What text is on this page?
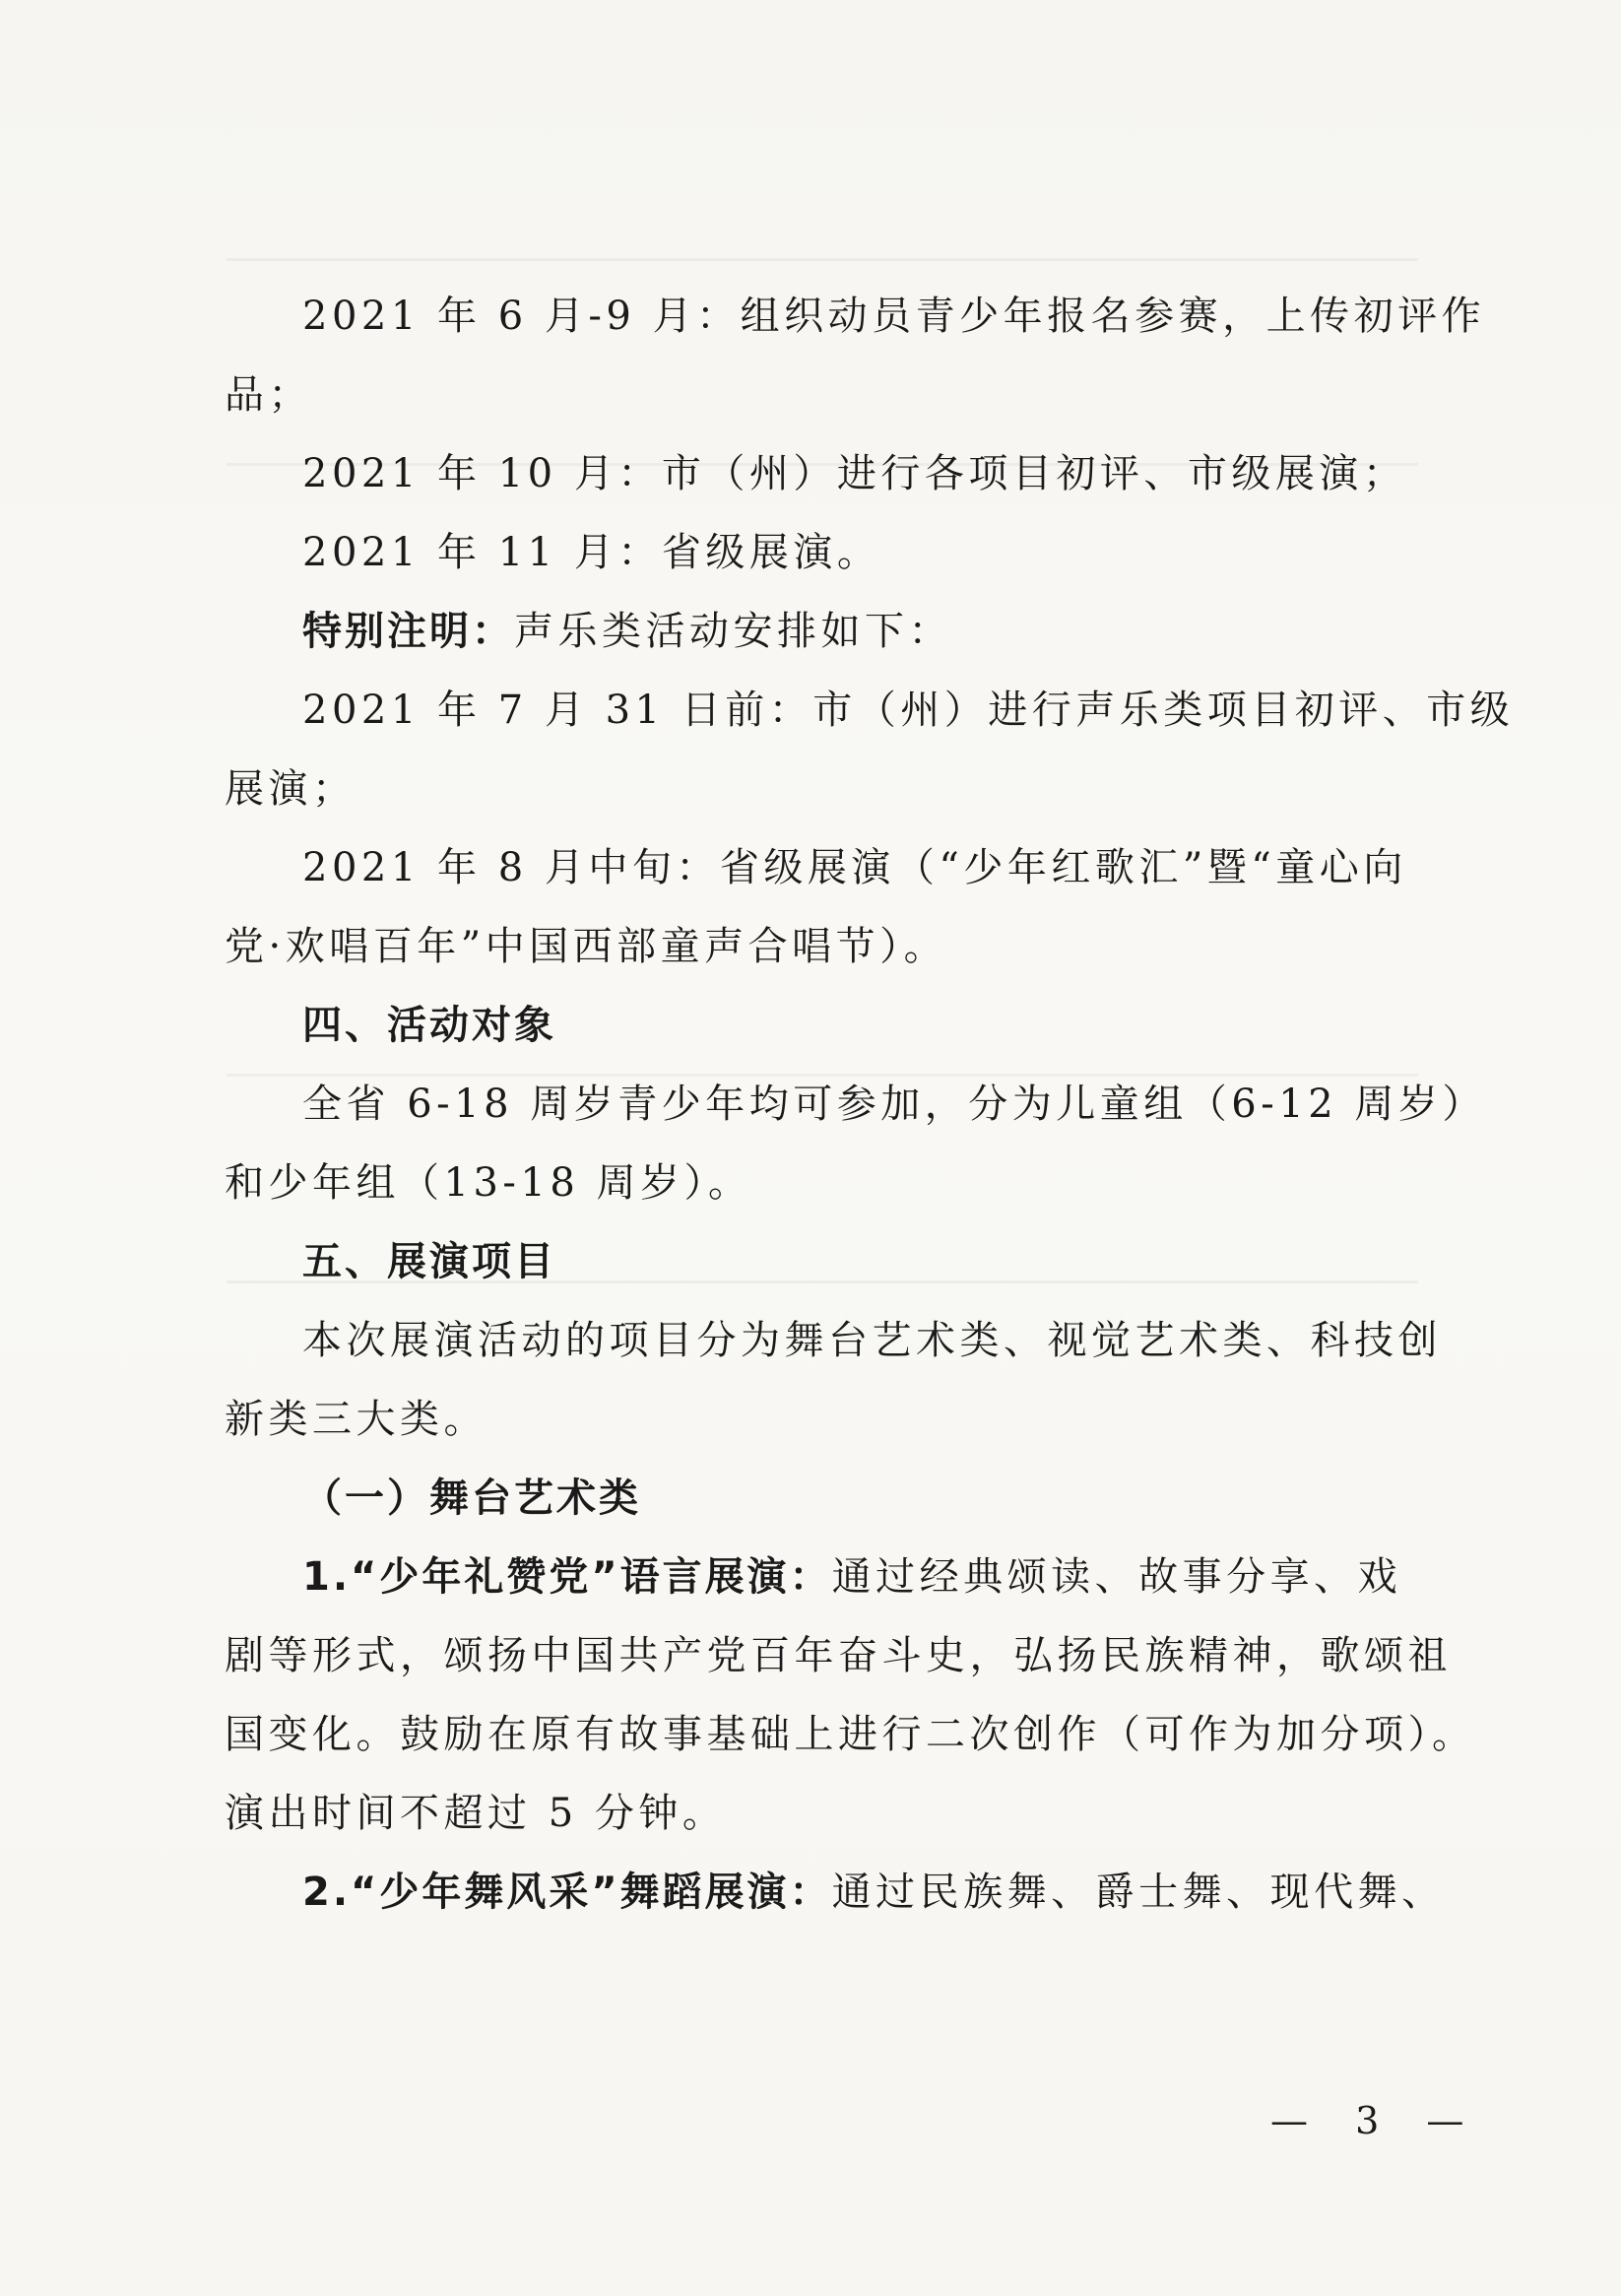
2021 年 6 月-9 月：组织动员青少年报名参赛，上传初评作
品；
2021 年 10 月：市（州）进行各项目初评、市级展演；
2021 年 11 月：省级展演。
特别注明：声乐类活动安排如下：
2021 年 7 月 31 日前：市（州）进行声乐类项目初评、市级
展演；
2021 年 8 月中旬：省级展演（“少年红歌汇”暨“童心向
党·欢唱百年”中国西部童声合唱节）。
四、活动对象
全省 6-18 周岁青少年均可参加，分为儿童组（6-12 周岁）
和少年组（13-18 周岁）。
五、展演项目
本次展演活动的项目分为舞台艺术类、视觉艺术类、科技创
新类三大类。
（一）舞台艺术类
1.“少年礼赞党”语言展演：通过经典颂读、故事分享、戏
剧等形式，颂扬中国共产党百年奋斗史，弘扬民族精神，歌颂祖
国变化。鼓励在原有故事基础上进行二次创作（可作为加分项）。
演出时间不超过 5 分钟。
2.“少年舞风采”舞蹈展演：通过民族舞、爵士舞、现代舞、
— 3 —
